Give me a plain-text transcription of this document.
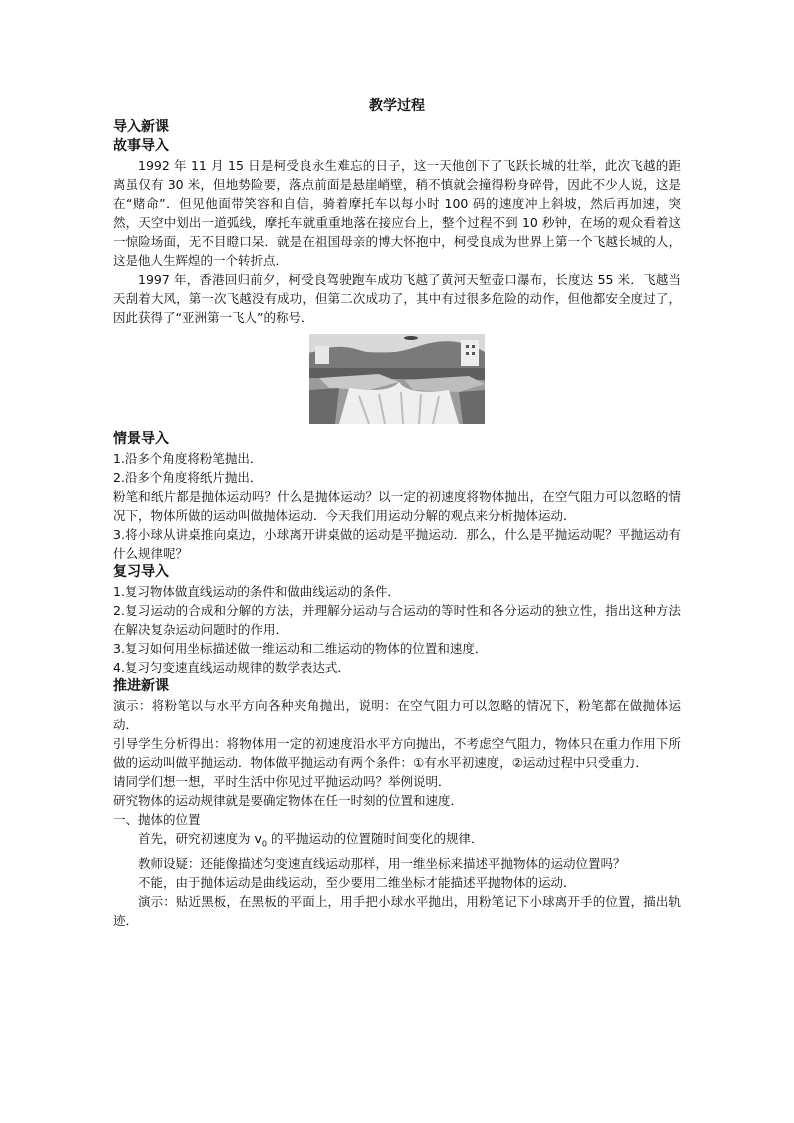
教学过程
导入新课
故事导入

1992 年 11 月 15 日是柯受良永生难忘的日子，这一天他创下了飞跃长城的壮举，此次飞越的距离虽仅有 30 米，但地势险要，落点前面是悬崖峭壁，稍不慎就会撞得粉身碎骨，因此不少人说，这是在“赌命”．但见他面带笑容和自信，骑着摩托车以每小时 100 码的速度冲上斜坡，然后再加速，突然，天空中划出一道弧线，摩托车就重重地落在接应台上，整个过程不到 10 秒钟，在场的观众看着这一惊险场面，无不目瞪口呆．就是在祖国母亲的博大怀抱中，柯受良成为世界上第一个飞越长城的人，这是他人生辉煌的一个转折点．

1997 年，香港回归前夕，柯受良驾驶跑车成功飞越了黄河天堑壶口瀑布，长度达 55 米．飞越当天刮着大风，第一次飞越没有成功，但第二次成功了，其中有过很多危险的动作，但他都安全度过了，因此获得了“亚洲第一飞人”的称号．

情景导入

1.沿多个角度将粉笔抛出．

2.沿多个角度将纸片抛出．

粉笔和纸片都是抛体运动吗？什么是抛体运动？以一定的初速度将物体抛出，在空气阻力可以忽略的情况下，物体所做的运动叫做抛体运动．今天我们用运动分解的观点来分析抛体运动．

3.将小球从讲桌推向桌边，小球离开讲桌做的运动是平抛运动．那么，什么是平抛运动呢？平抛运动有什么规律呢？

复习导入

1.复习物体做直线运动的条件和做曲线运动的条件．

2.复习运动的合成和分解的方法，并理解分运动与合运动的等时性和各分运动的独立性，指出这种方法在解决复杂运动问题时的作用．

3.复习如何用坐标描述做一维运动和二维运动的物体的位置和速度．

4.复习匀变速直线运动规律的数学表达式．

推进新课

演示：将粉笔以与水平方向各种夹角抛出，说明：在空气阻力可以忽略的情况下，粉笔都在做抛体运动．

引导学生分析得出：将物体用一定的初速度沿水平方向抛出，不考虑空气阻力，物体只在重力作用下所做的运动叫做平抛运动．物体做平抛运动有两个条件：①有水平初速度，②运动过程中只受重力．

请同学们想一想，平时生活中你见过平抛运动吗？举例说明．

研究物体的运动规律就是要确定物体在任一时刻的位置和速度．

一、抛体的位置

首先，研究初速度为 $v_0$ 的平抛运动的位置随时间变化的规律．

教师设疑：还能像描述匀变速直线运动那样，用一维坐标来描述平抛物体的运动位置吗？

不能，由于抛体运动是曲线运动，至少要用二维坐标才能描述平抛物体的运动．

演示：贴近黑板，在黑板的平面上，用手把小球水平抛出，用粉笔记下小球离开手的位置，描出轨迹．
